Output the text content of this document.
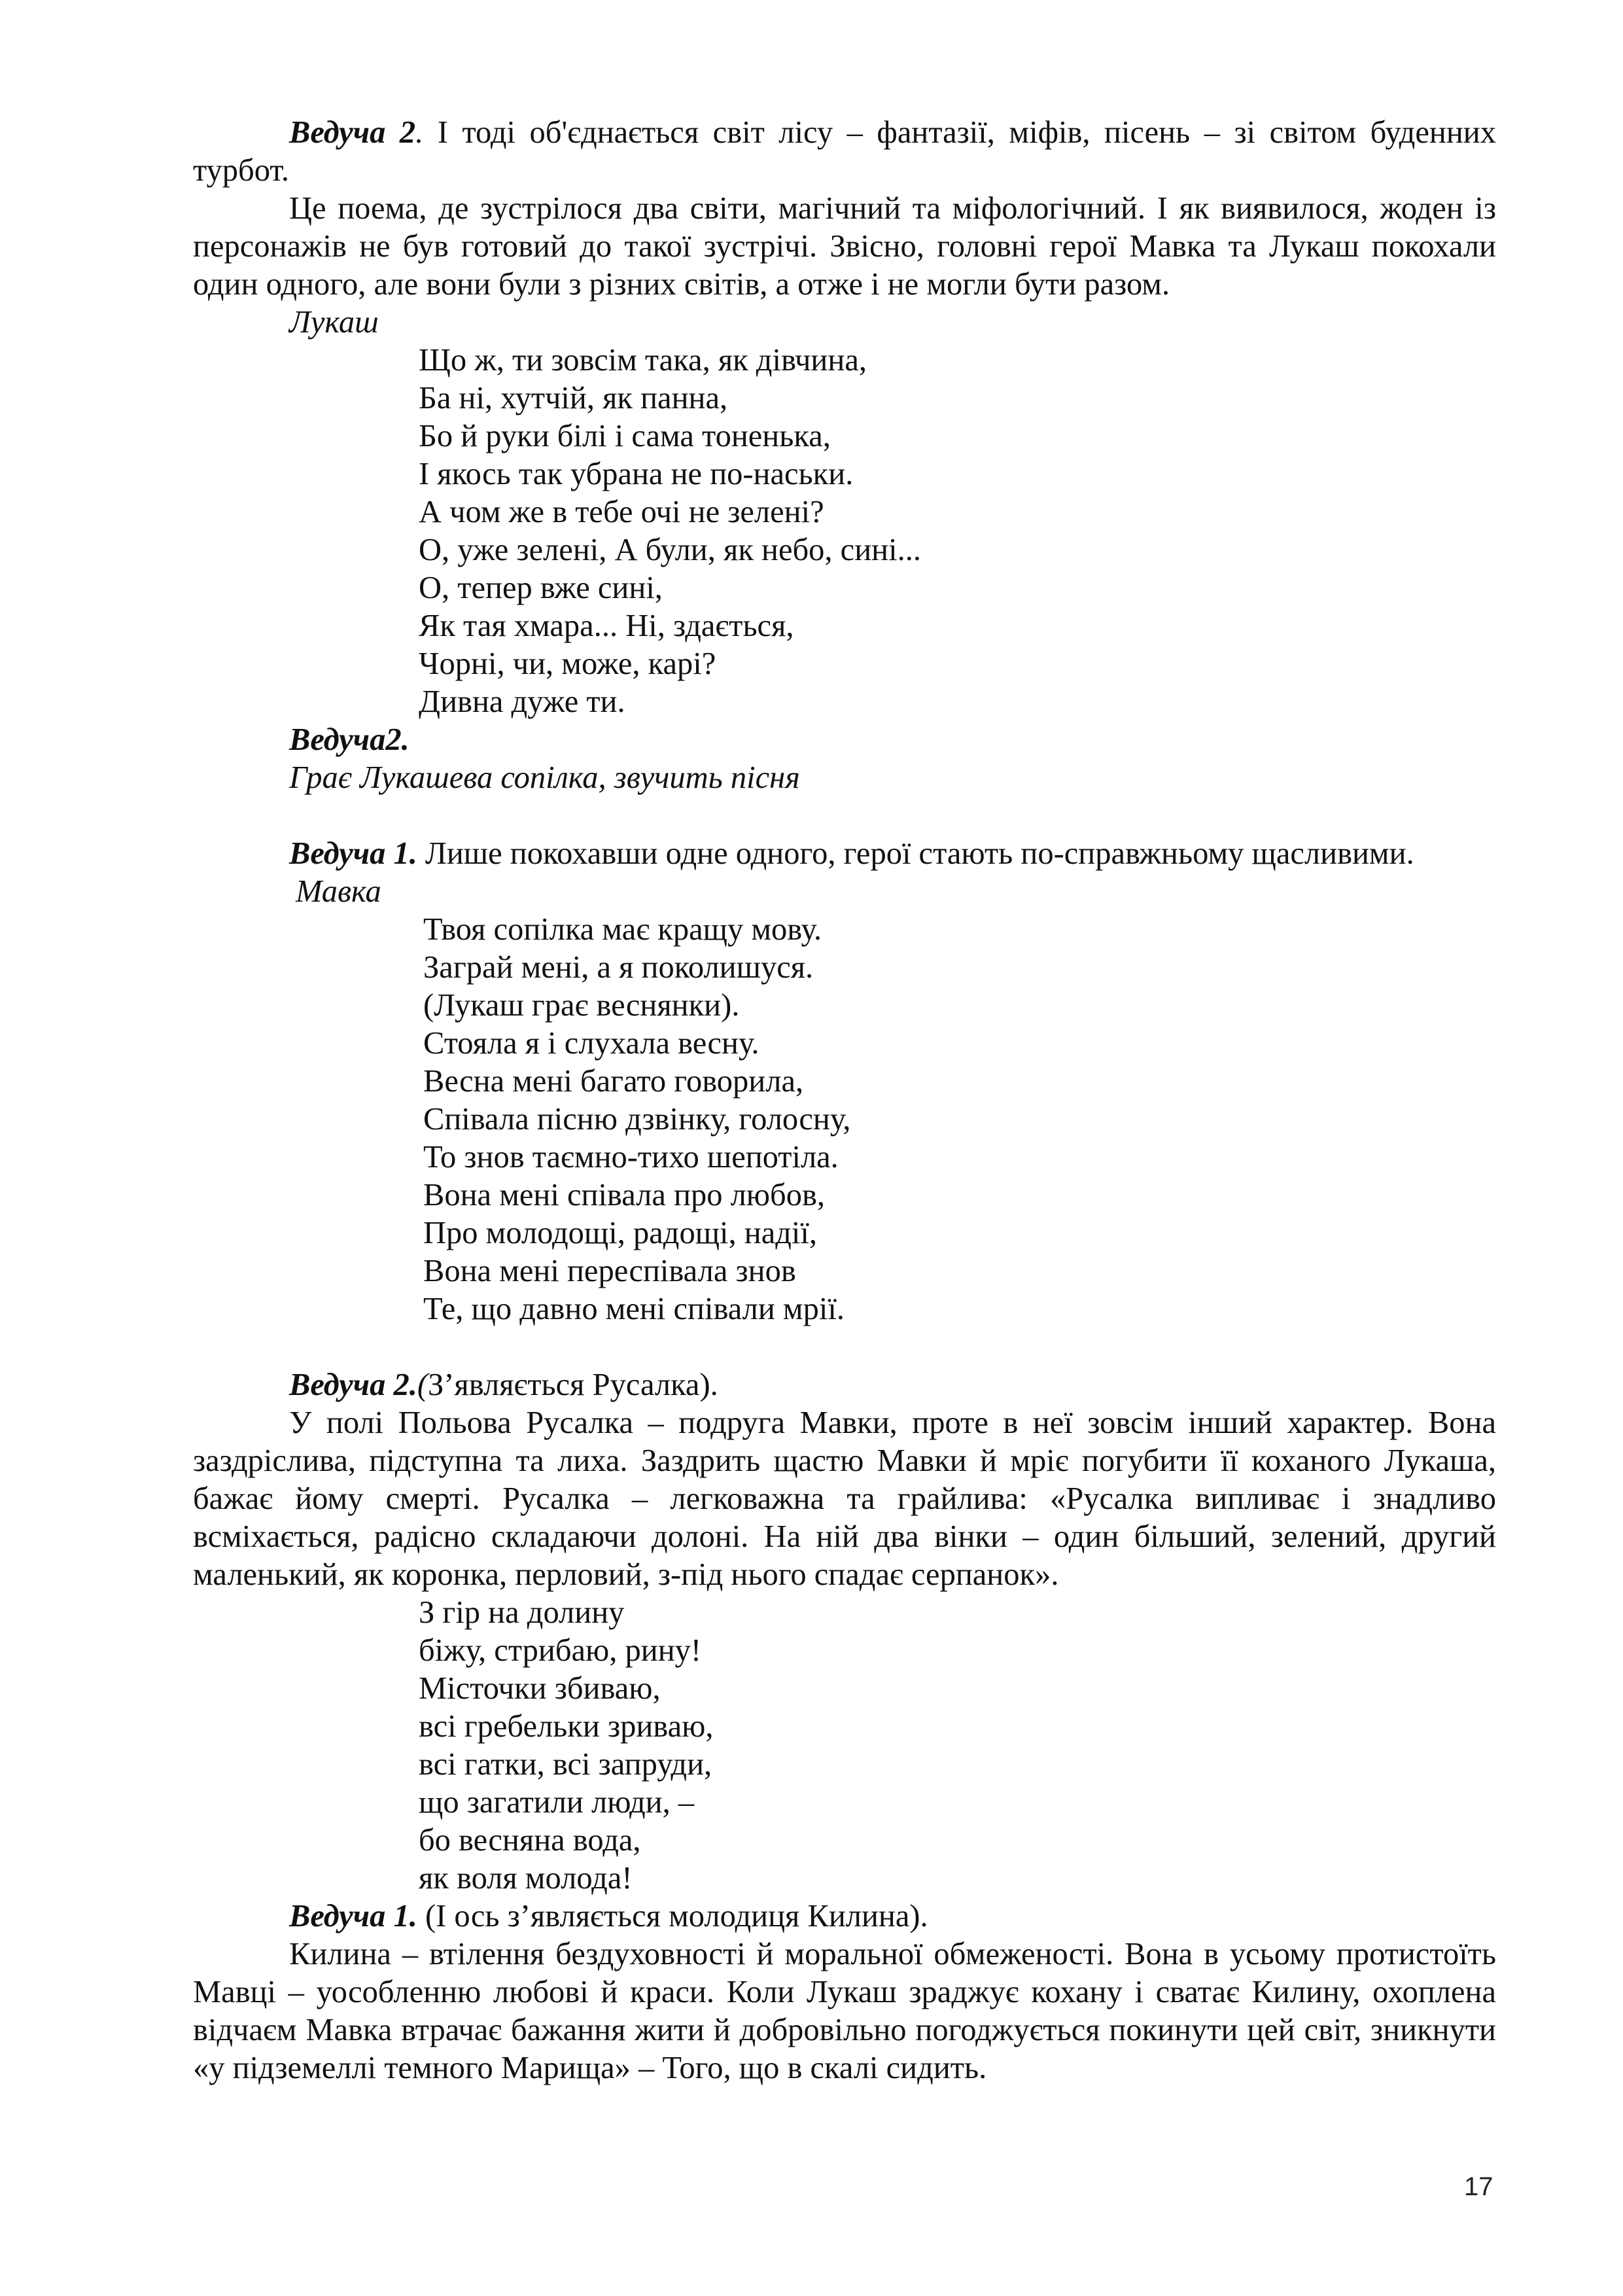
Ведуча 2. І тоді об'єднається світ лісу – фантазії, міфів, пісень – зі світом буденних турбот.

Це поема, де зустрілося два світи, магічний та міфологічний. І як виявилося, жоден із персонажів не був готовий до такої зустрічі. Звісно, головні герої Мавка та Лукаш покохали один одного, але вони були з різних світів, а отже і не могли бути разом.

Лукаш

Що ж, ти зовсім така, як дівчина,

Ба ні, хутчій, як панна,

Бо й руки білі і сама тоненька,

І якось так убрана не по-наськи.

А чом же в тебе очі не зелені?

О, уже зелені, А були, як небо, сині...

О, тепер вже сині,

Як тая хмара... Ні, здається,

Чорні, чи, може, карі?

Дивна дуже ти.

Ведуча2.

Грає Лукашева сопілка, звучить пісня

Ведуча 1. Лише покохавши одне одного, герої стають по-справжньому щасливими.

Мавка

Твоя сопілка має кращу мову.

Заграй мені, а я поколишуся.

(Лукаш грає веснянки).

Стояла я і слухала весну.

Весна мені багато говорила,

Співала пісню дзвінку, голосну,

То знов таємно-тихо шепотіла.

Вона мені співала про любов,

Про молодощі, радощі, надії,

Вона мені переспівала знов

Те, що давно мені співали мрії.

Ведуча 2.(З’являється Русалка).

У полі Польова Русалка – подруга Мавки, проте в неї зовсім інший характер. Вона заздріслива, підступна та лиха. Заздрить щастю Мавки й мріє погубити її коханого Лукаша, бажає йому смерті. Русалка – легковажна та грайлива: «Русалка випливає і знадливо всміхається, радісно складаючи долоні. На ній два вінки – один більший, зелений, другий маленький, як коронка, перловий, з-під нього спадає серпанок».

З гір на долину

біжу, стрибаю, рину!

Місточки збиваю,

всі гребельки зриваю,

всі гатки, всі запруди,

що загатили люди, –

бо весняна вода,

як воля молода!

Ведуча 1. (І ось з’являється молодиця Килина).

Килина – втілення бездуховності й моральної обмеженості. Вона в усьому протистоїть Мавці – уособленню любові й краси. Коли Лукаш зраджує кохану і сватає Килину, охоплена відчаєм Мавка втрачає бажання жити й добровільно погоджується покинути цей світ, зникнути «у підземеллі темного Марища» – Того, що в скалі сидить.

17
